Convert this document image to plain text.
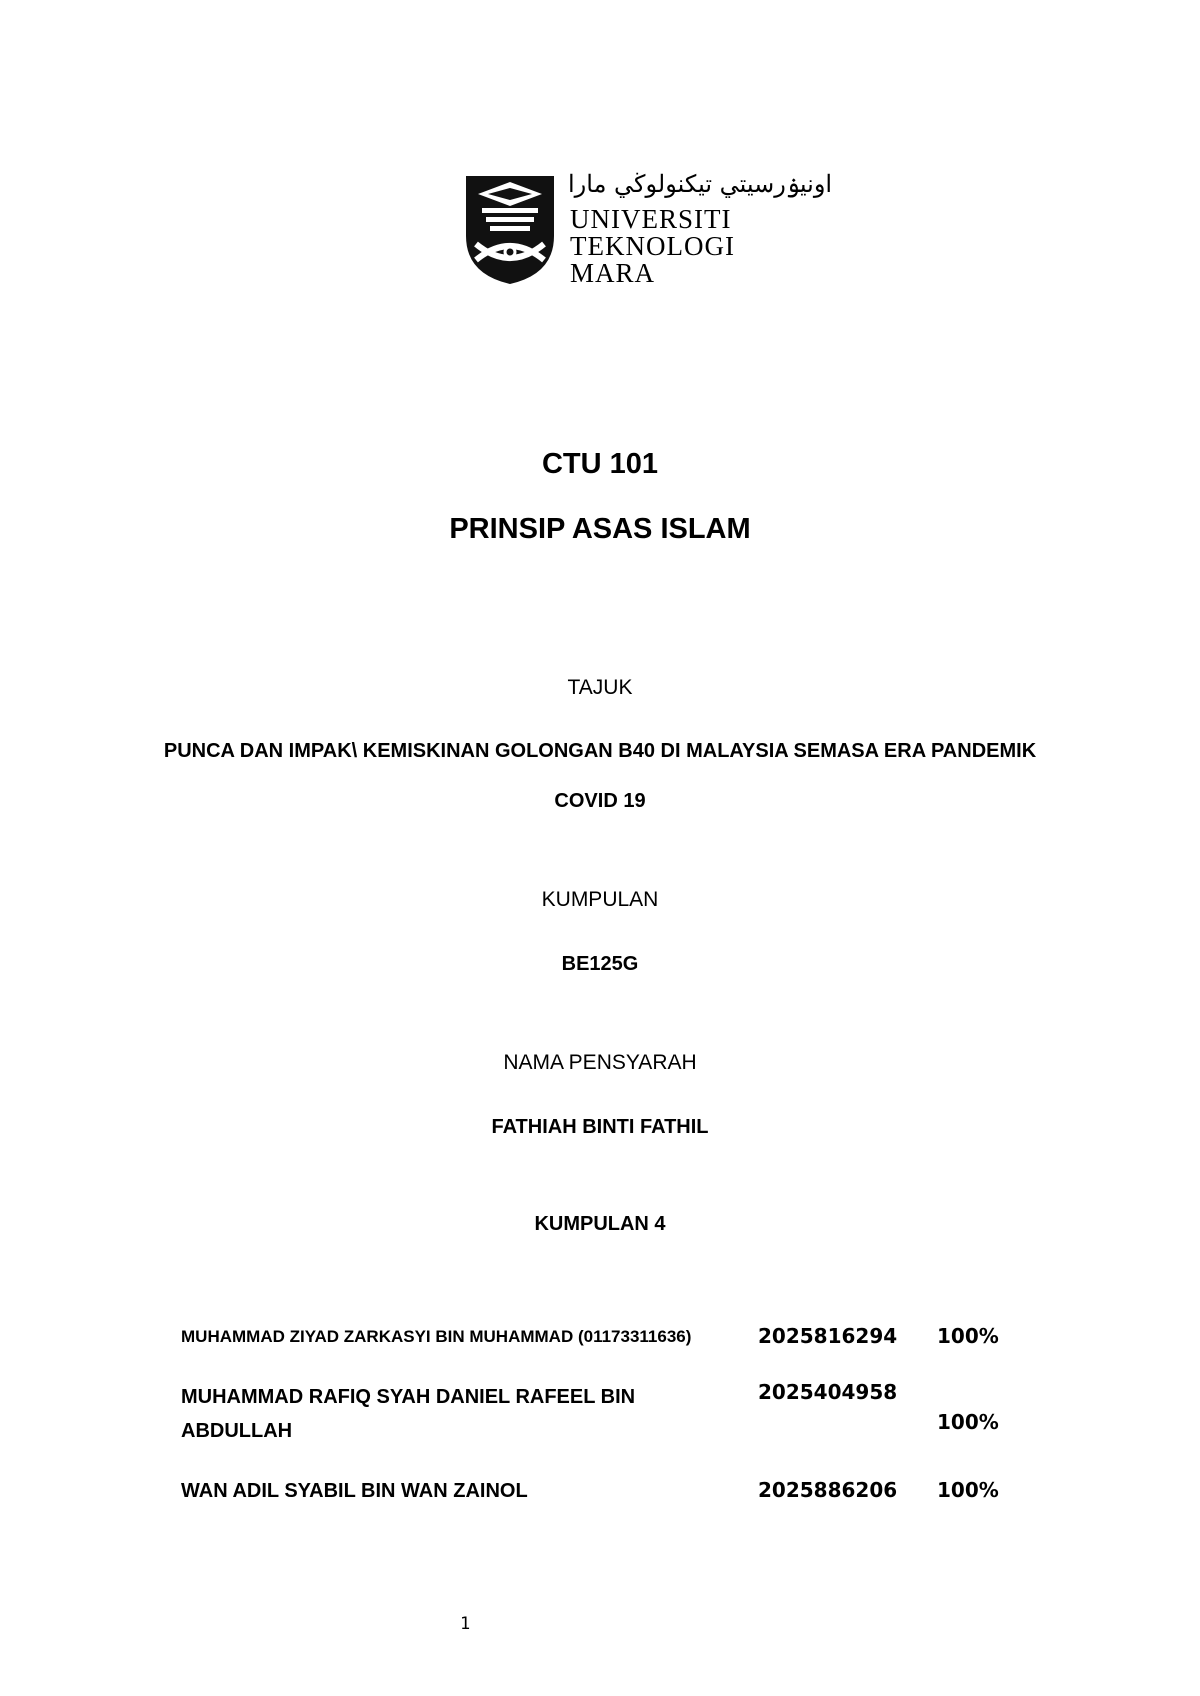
اونيۏرسيتي تيكنولوڬي مارا
UNIVERSITI
TEKNOLOGI
MARA
CTU 101
PRINSIP ASAS ISLAM
TAJUK
PUNCA DAN IMPAK\ KEMISKINAN GOLONGAN B40 DI MALAYSIA SEMASA ERA PANDEMIK
COVID 19
KUMPULAN
BE125G
NAMA PENSYARAH
FATHIAH BINTI FATHIL
KUMPULAN 4
MUHAMMAD ZIYAD ZARKASYI BIN MUHAMMAD (01173311636)	2025816294 100%
MUHAMMAD RAFIQ SYAH DANIEL RAFEEL BIN ABDULLAH
2025404958
100%
WAN ADIL SYABIL BIN WAN ZAINOL	2025886206 100%
1
